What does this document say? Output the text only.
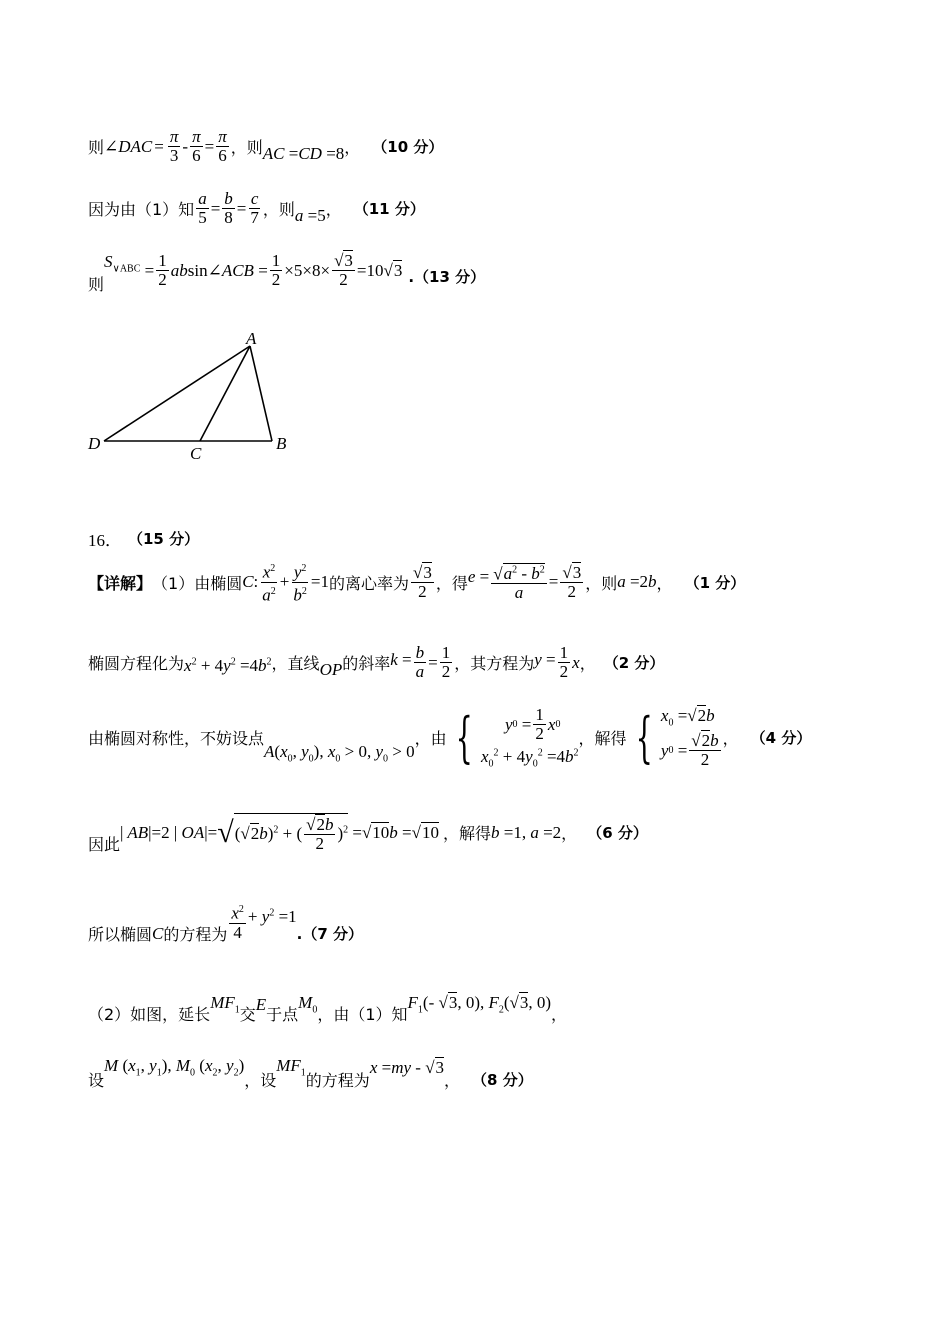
则 ∠DAC = $\frac{\pi}{3} - \frac{\pi}{6} = \frac{\pi}{6}$ ，则 AC =CD =8 ， （10 分）
因为由（1）知 $\frac{a}{5} = \frac{b}{8} = \frac{c}{7}$ ，则 a =5 ， （11 分）
则
$S_{\vee ABC} = \frac{1}{2}$ ab sin ∠ACB = $\frac{1}{2} \times 5\times 8\times \frac{√3}{2} =10√3$ .（13 分）
A
B
C
D
16． （15 分）
【详解】 （1）由椭圆 C : $\frac{x^2}{a^2} + \frac{y^2}{b^2} =1$ 的离心率为 $\frac{√3}{2}$ ，得 $e = \frac{√a^2 - b^2}{a} = \frac{√3}{2}$ ，则 a =2b ， （1 分）
椭圆方程化为 $x^2 + 4y^2 =4b^2$ ，直线 OP 的斜率 $k = \frac{b}{a} = \frac{1}{2}$ ，其方程为 $y = \frac{1}{2}$ x ， （2 分）
由椭圆对称性，不妨设点
$A(x_0$, $y_0$), $x_0 > 0$, $y_0 > 0$
，由 { y $0 = \frac{1}{2}$ x 0
$x_0^2 + 4y_0^2 =4b^2$
，解得 { $x_0 =√2b$
y $0 = \frac{√2b}{2}$ ， （4 分）
因此
| AB|=2 | OA|= √ (√2 b )$^2$ + ( $\frac{√2b}{2} )^2 =√10$ b =√10 ，解得 b =1, a =2 ， （6 分）
所以椭圆 C 的方程为 $\frac{x^2}{4} + y^2 =1$
.（7 分）
（2）如图，延长
$MF_1$ 交
E
于点
$M_0$ ，由（1）知
$F_1(-$ √3, 0), $F_2(√3$, 0)
，
设
M ($x_1$, $y_1$), $M_0$ ($x_2$, $y_2$)
，设
$MF_1$ 的方程为
x =my - √3
， （8 分）
